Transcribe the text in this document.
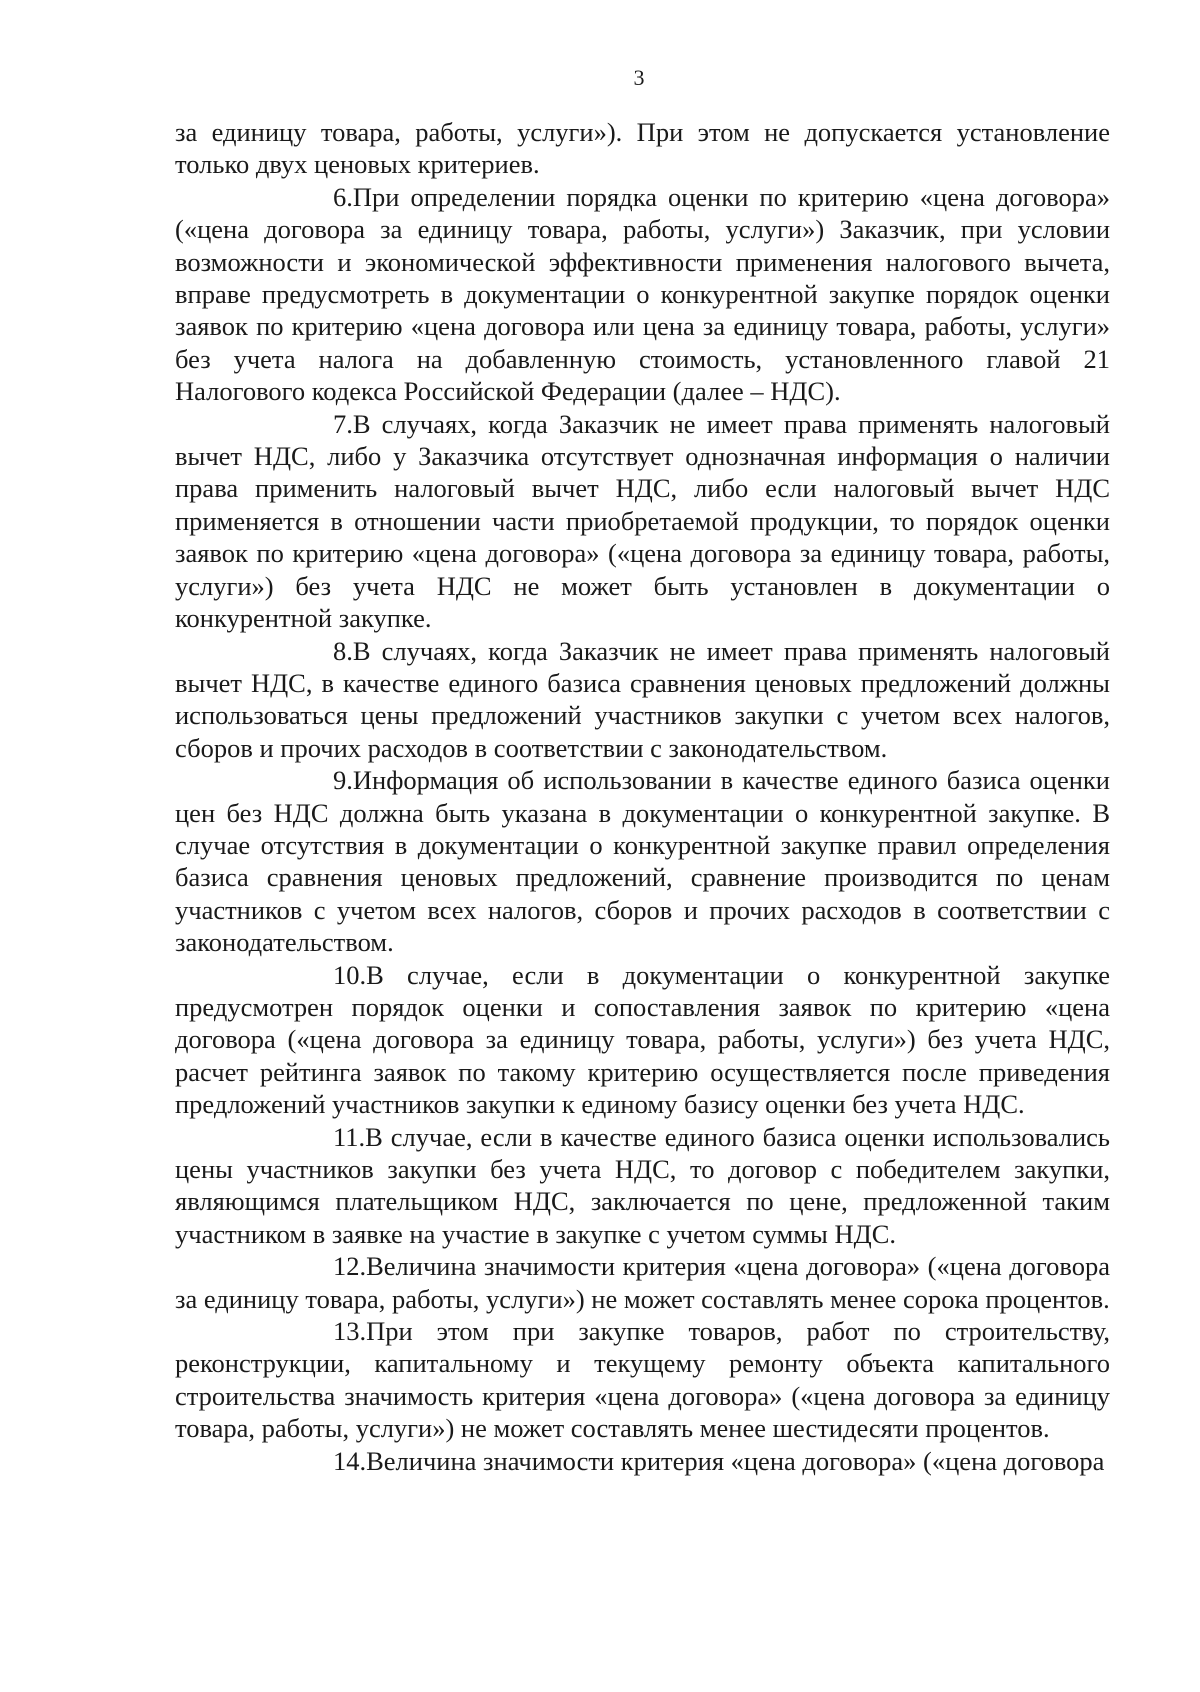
3

за единицу товара, работы, услуги»). При этом не допускается установление только двух ценовых критериев.

6.При определении порядка оценки по критерию «цена договора» («цена договора за единицу товара, работы, услуги») Заказчик, при условии возможности и экономической эффективности применения налогового вычета, вправе предусмотреть в документации о конкурентной закупке порядок оценки заявок по критерию «цена договора или цена за единицу товара, работы, услуги» без учета налога на добавленную стоимость, установленного главой 21 Налогового кодекса Российской Федерации (далее – НДС).

7.В случаях, когда Заказчик не имеет права применять налоговый вычет НДС, либо у Заказчика отсутствует однозначная информация о наличии права применить налоговый вычет НДС, либо если налоговый вычет НДС применяется в отношении части приобретаемой продукции, то порядок оценки заявок по критерию «цена договора» («цена договора за единицу товара, работы, услуги») без учета НДС не может быть установлен в документации о конкурентной закупке.

8.В случаях, когда Заказчик не имеет права применять налоговый вычет НДС, в качестве единого базиса сравнения ценовых предложений должны использоваться цены предложений участников закупки с учетом всех налогов, сборов и прочих расходов в соответствии с законодательством.

9.Информация об использовании в качестве единого базиса оценки цен без НДС должна быть указана в документации о конкурентной закупке. В случае отсутствия в документации о конкурентной закупке правил определения базиса сравнения ценовых предложений, сравнение производится по ценам участников с учетом всех налогов, сборов и прочих расходов в соответствии с законодательством.

10.В случае, если в документации о конкурентной закупке предусмотрен порядок оценки и сопоставления заявок по критерию «цена договора («цена договора за единицу товара, работы, услуги») без учета НДС, расчет рейтинга заявок по такому критерию осуществляется после приведения предложений участников закупки к единому базису оценки без учета НДС.

11.В случае, если в качестве единого базиса оценки использовались цены участников закупки без учета НДС, то договор с победителем закупки, являющимся плательщиком НДС, заключается по цене, предложенной таким участником в заявке на участие в закупке с учетом суммы НДС.

12.Величина значимости критерия «цена договора» («цена договора за единицу товара, работы, услуги») не может составлять менее сорока процентов.

13.При этом при закупке товаров, работ по строительству, реконструкции, капитальному и текущему ремонту объекта капитального строительства значимость критерия «цена договора» («цена договора за единицу товара, работы, услуги») не может составлять менее шестидесяти процентов.

14.Величина значимости критерия «цена договора» («цена договора
